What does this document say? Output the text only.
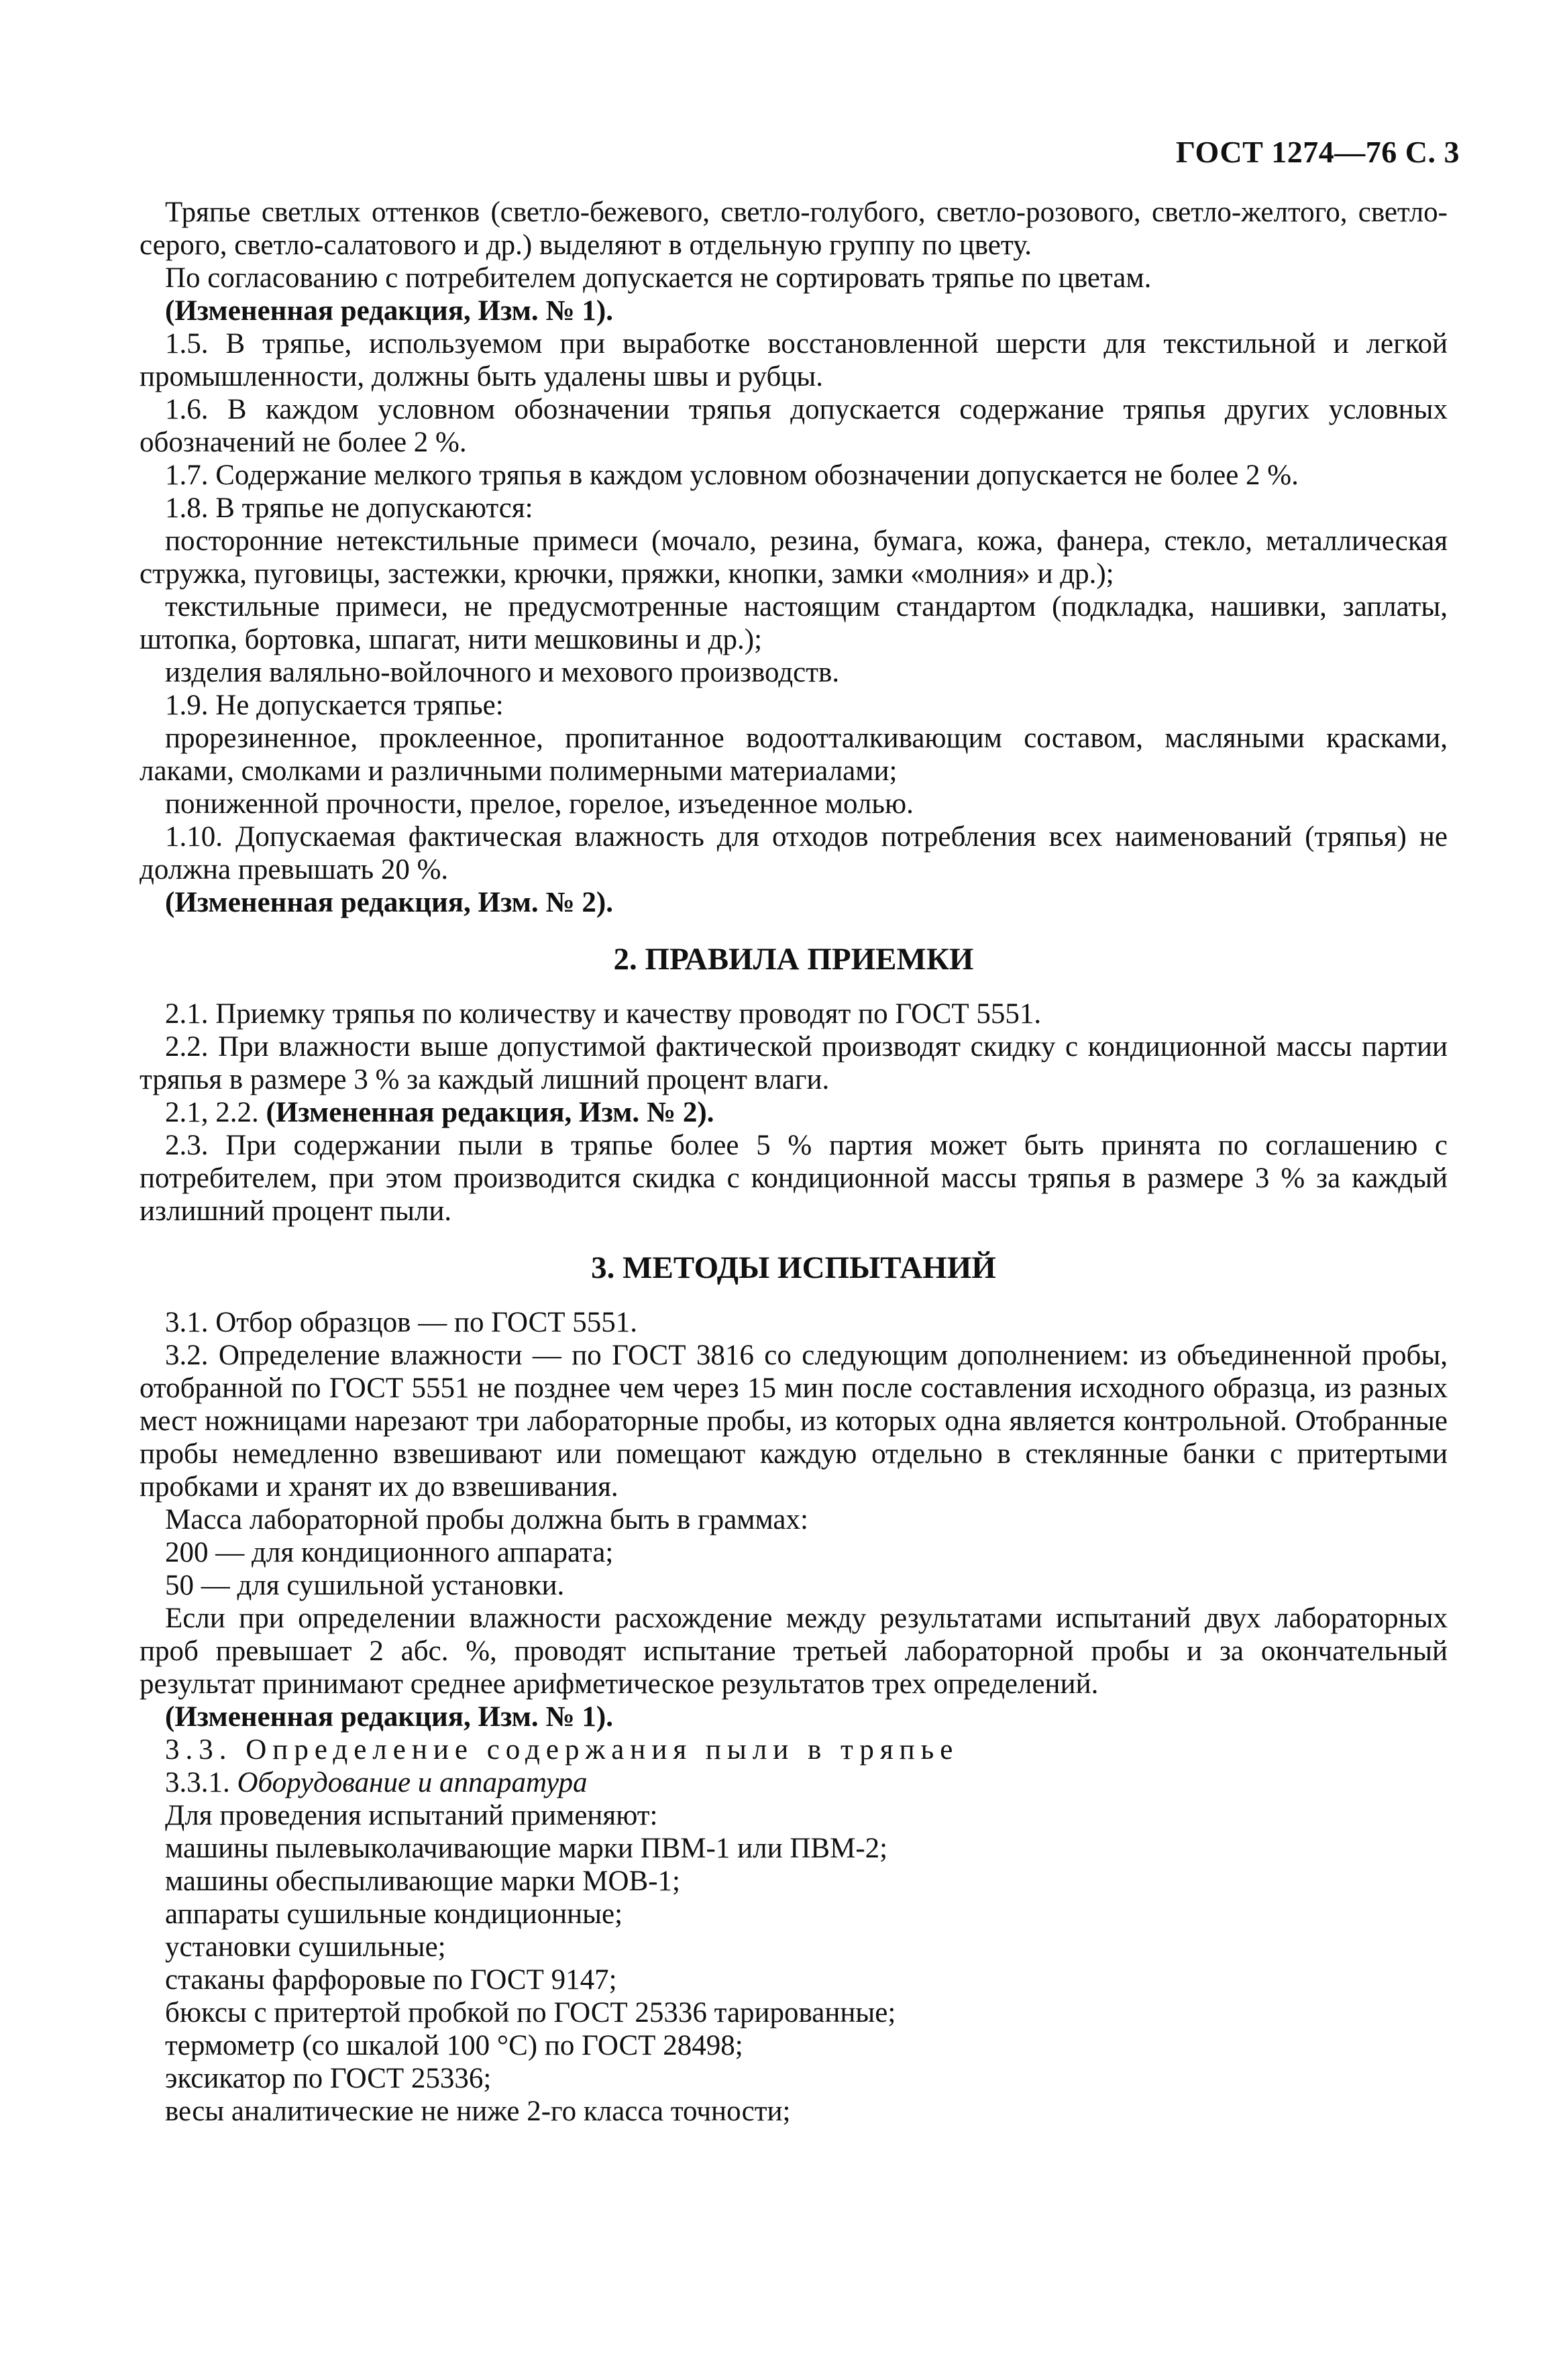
ГОСТ 1274—76 С. 3

Тряпье светлых оттенков (светло-бежевого, светло-голубого, светло-розового, светло-желтого, светло-серого, светло-салатового и др.) выделяют в отдельную группу по цвету.

По согласованию с потребителем допускается не сортировать тряпье по цветам.

(Измененная редакция, Изм. № 1).

1.5. В тряпье, используемом при выработке восстановленной шерсти для текстильной и легкой промышленности, должны быть удалены швы и рубцы.

1.6. В каждом условном обозначении тряпья допускается содержание тряпья других условных обозначений не более 2 %.

1.7. Содержание мелкого тряпья в каждом условном обозначении допускается не более 2 %.

1.8. В тряпье не допускаются:

посторонние нетекстильные примеси (мочало, резина, бумага, кожа, фанера, стекло, металлическая стружка, пуговицы, застежки, крючки, пряжки, кнопки, замки «молния» и др.);

текстильные примеси, не предусмотренные настоящим стандартом (подкладка, нашивки, заплаты, штопка, бортовка, шпагат, нити мешковины и др.);

изделия валяльно-войлочного и мехового производств.

1.9. Не допускается тряпье:

прорезиненное, проклеенное, пропитанное водоотталкивающим составом, масляными красками, лаками, смолками и различными полимерными материалами;

пониженной прочности, прелое, горелое, изъеденное молью.

1.10. Допускаемая фактическая влажность для отходов потребления всех наименований (тряпья) не должна превышать 20 %.

(Измененная редакция, Изм. № 2).

2. ПРАВИЛА ПРИЕМКИ

2.1. Приемку тряпья по количеству и качеству проводят по ГОСТ 5551.

2.2. При влажности выше допустимой фактической производят скидку с кондиционной массы партии тряпья в размере 3 % за каждый лишний процент влаги.

2.1, 2.2. (Измененная редакция, Изм. № 2).

2.3. При содержании пыли в тряпье более 5 % партия может быть принята по соглашению с потребителем, при этом производится скидка с кондиционной массы тряпья в размере 3 % за каждый излишний процент пыли.

3. МЕТОДЫ ИСПЫТАНИЙ

3.1. Отбор образцов — по ГОСТ 5551.

3.2. Определение влажности — по ГОСТ 3816 со следующим дополнением: из объединенной пробы, отобранной по ГОСТ 5551 не позднее чем через 15 мин после составления исходного образца, из разных мест ножницами нарезают три лабораторные пробы, из которых одна является контрольной. Отобранные пробы немедленно взвешивают или помещают каждую отдельно в стеклянные банки с притертыми пробками и хранят их до взвешивания.

Масса лабораторной пробы должна быть в граммах:

200 — для кондиционного аппарата;

50 — для сушильной установки.

Если при определении влажности расхождение между результатами испытаний двух лабораторных проб превышает 2 абс. %, проводят испытание третьей лабораторной пробы и за окончательный результат принимают среднее арифметическое результатов трех определений.

(Измененная редакция, Изм. № 1).

3.3. Определение содержания пыли в тряпье

3.3.1. Оборудование и аппаратура

Для проведения испытаний применяют:

машины пылевыколачивающие марки ПВМ-1 или ПВМ-2;

машины обеспыливающие марки МОВ-1;

аппараты сушильные кондиционные;

установки сушильные;

стаканы фарфоровые по ГОСТ 9147;

бюксы с притертой пробкой по ГОСТ 25336 тарированные;

термометр (со шкалой 100 °С) по ГОСТ 28498;

эксикатор по ГОСТ 25336;

весы аналитические не ниже 2-го класса точности;
